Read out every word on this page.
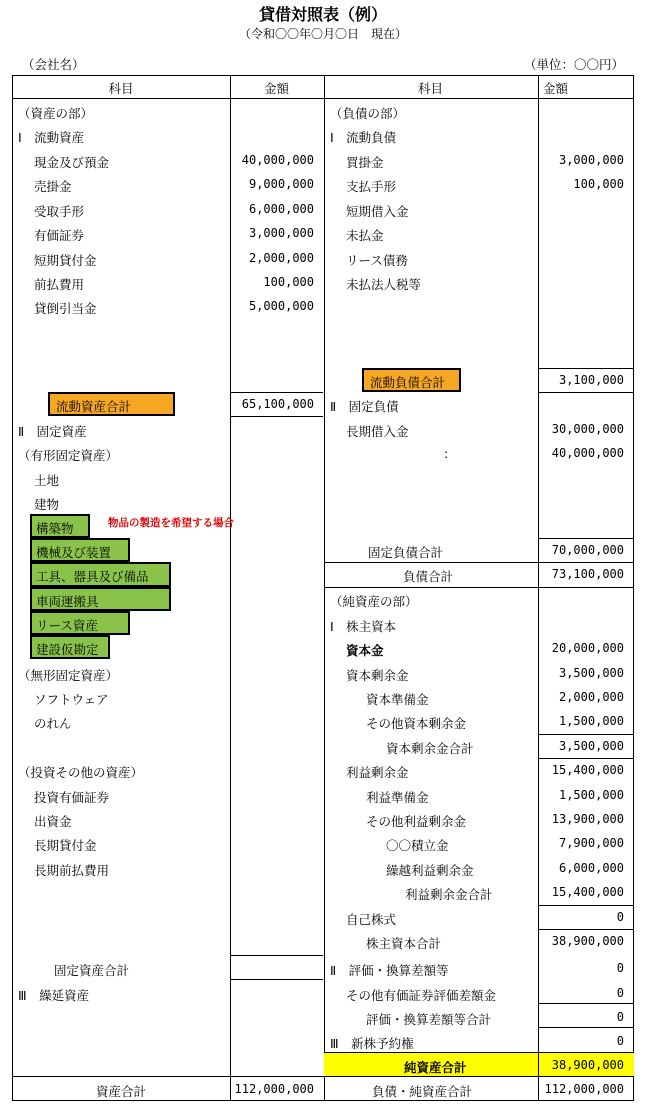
貸借対照表（例）
（令和〇〇年〇月〇日　現在）
（会社名）	（単位：〇〇円）
科目	金額	科目	金額
（資産の部）
Ⅰ　流動資産
現金及び預金	40,000,000
売掛金	9,000,000
受取手形	6,000,000
有価証券	3,000,000
短期貸付金	2,000,000
前払費用	100,000
貸倒引当金	5,000,000
流動資産合計	65,100,000
Ⅱ　固定資産
（有形固定資産）
土地
建物
構築物
機械及び装置
工具、器具及び備品
車両運搬具
リース資産
建設仮勘定
物品の製造を希望する場合
（無形固定資産）
ソフトウェア
のれん
（投資その他の資産）
投資有価証券
出資金
長期貸付金
長期前払費用
固定資産合計
Ⅲ　繰延資産
資産合計	112,000,000
（負債の部）
Ⅰ　流動負債
買掛金	3,000,000
支払手形	100,000
短期借入金
未払金
リース債務
未払法人税等
流動負債合計	3,100,000
Ⅱ　固定負債
長期借入金	30,000,000
:	40,000,000
固定負債合計	70,000,000
負債合計	73,100,000
（純資産の部）
Ⅰ　株主資本
資本金	20,000,000
資本剰余金	3,500,000
資本準備金	2,000,000
その他資本剰余金	1,500,000
資本剰余金合計	3,500,000
利益剰余金	15,400,000
利益準備金	1,500,000
その他利益剰余金	13,900,000
〇〇積立金	7,900,000
繰越利益剰余金	6,000,000
利益剰余金合計	15,400,000
自己株式	0
株主資本合計	38,900,000
Ⅱ　評価・換算差額等	0
その他有価証券評価差額金	0
評価・換算差額等合計	0
Ⅲ　新株予約権	0
純資産合計	38,900,000
負債・純資産合計	112,000,000
